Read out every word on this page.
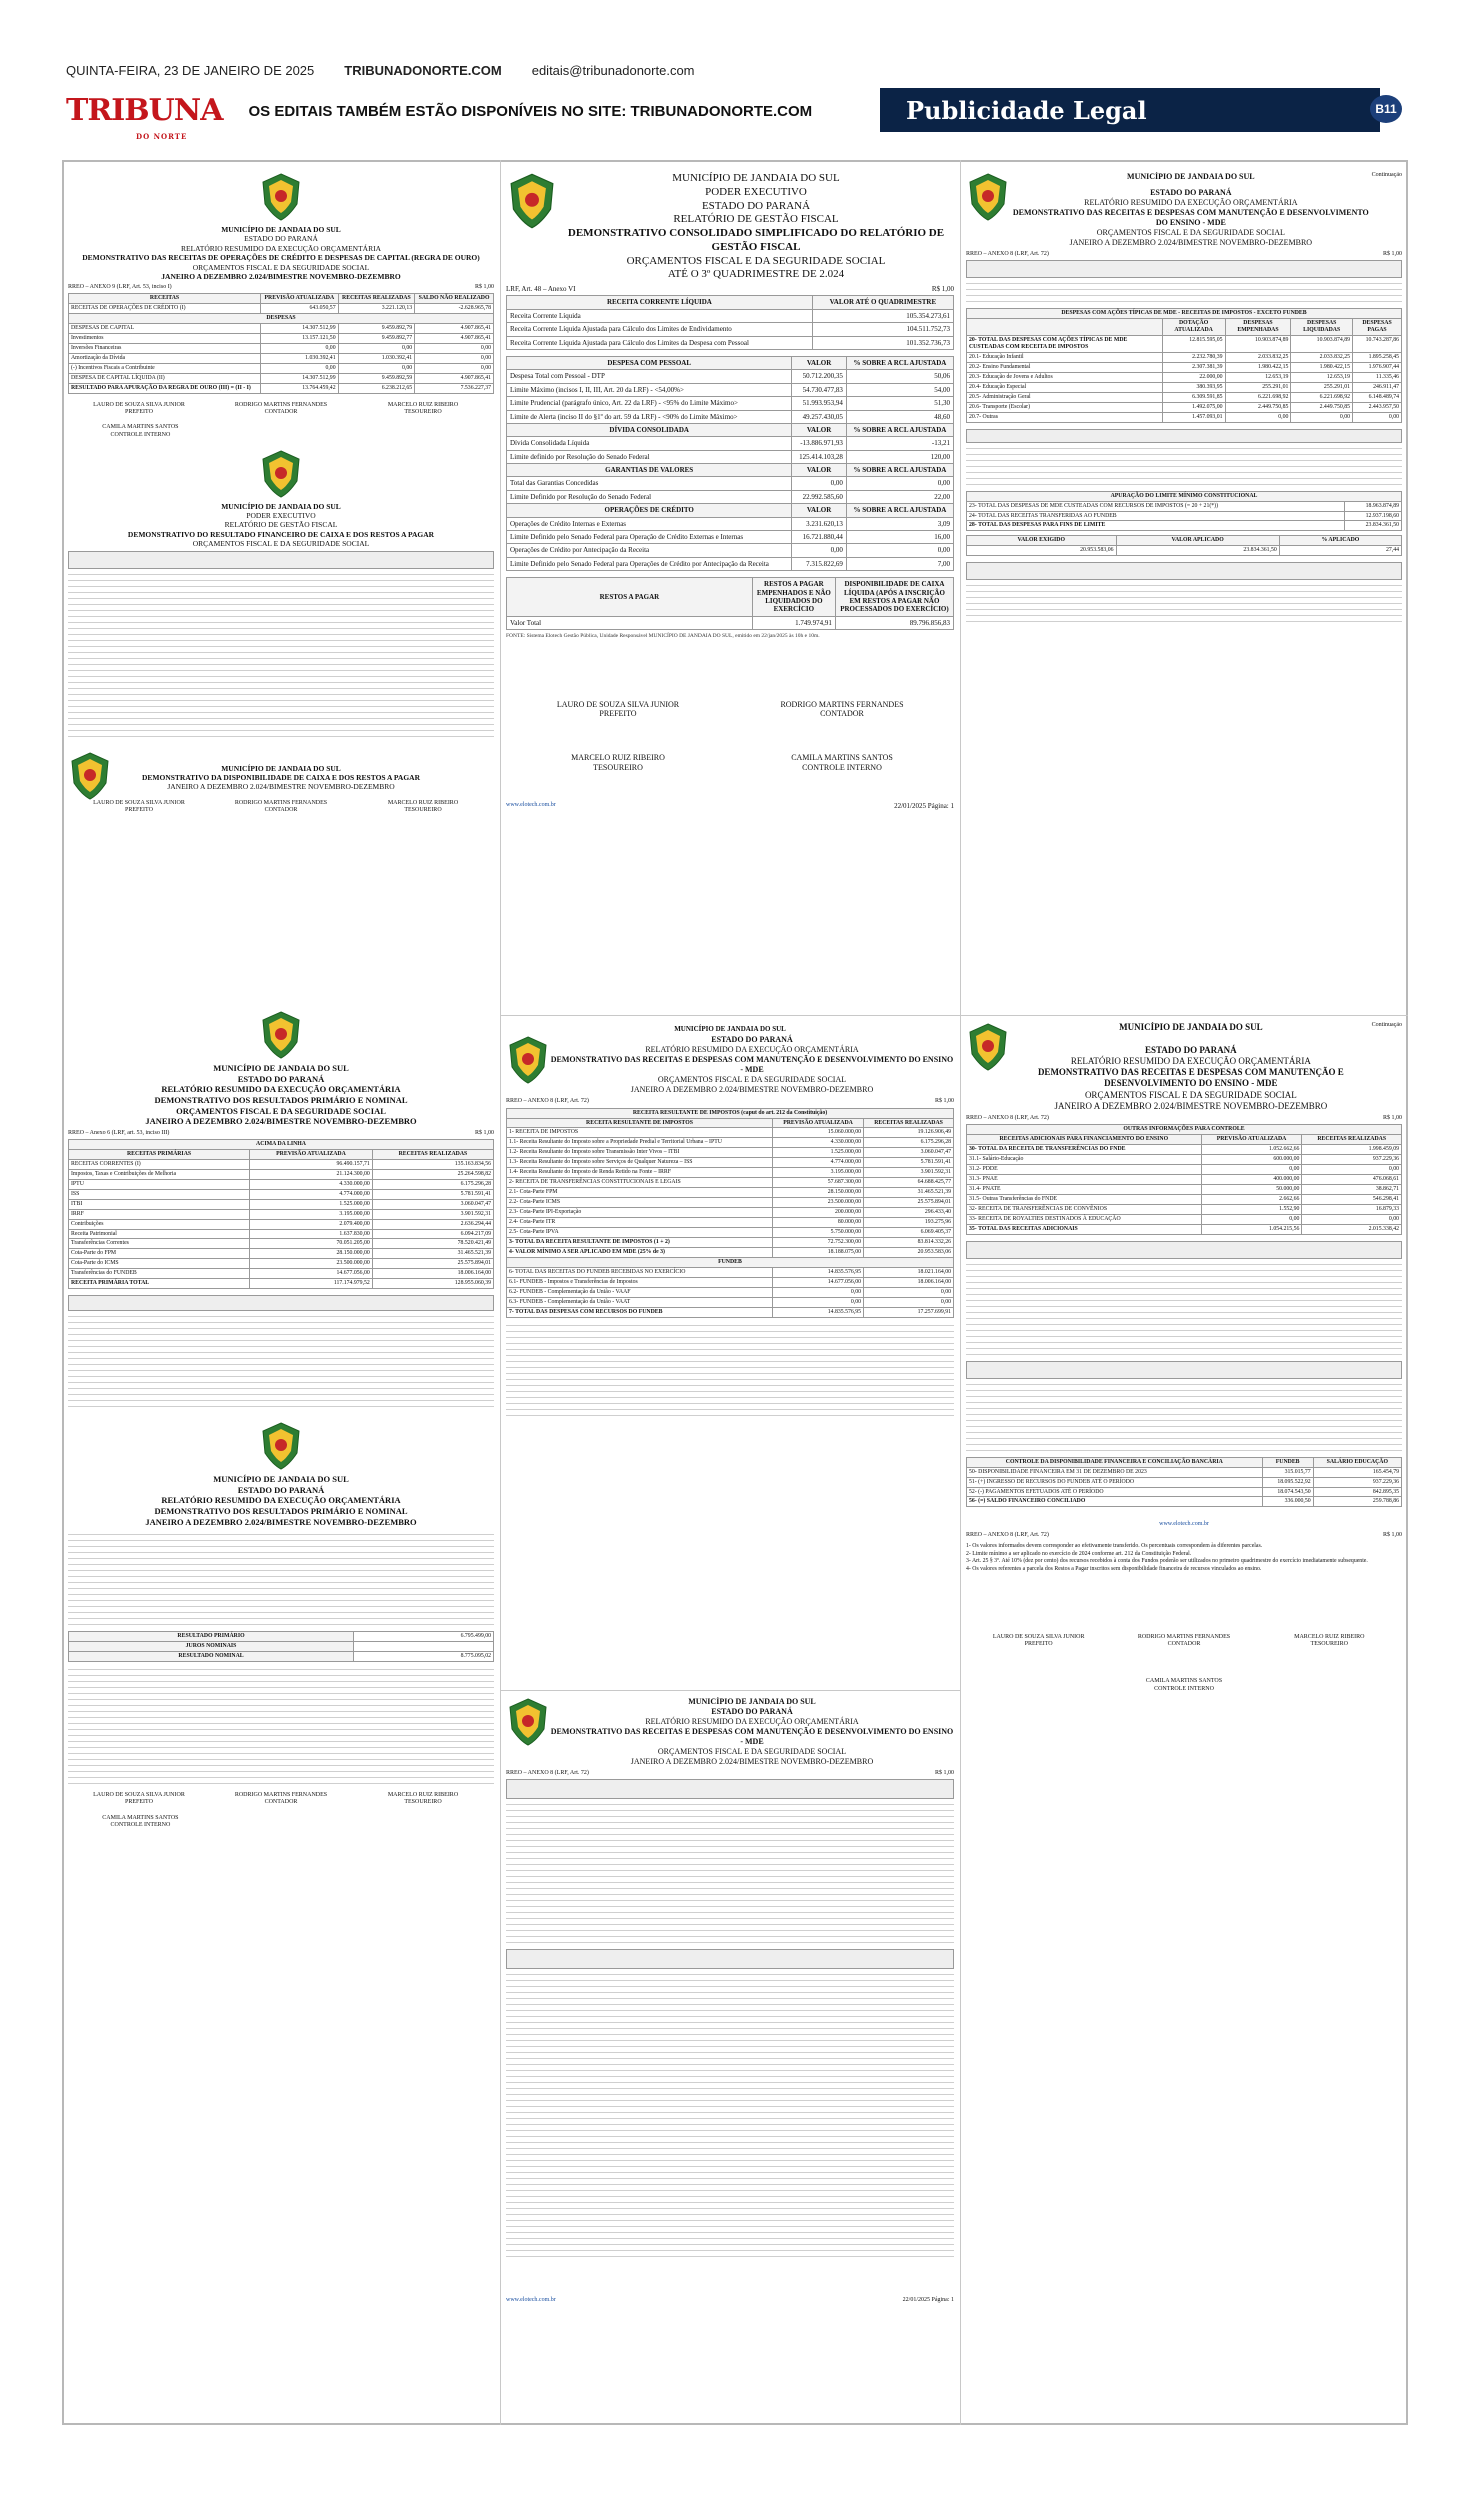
QUINTA-FEIRA, 23 DE JANEIRO DE 2025 TRIBUNADONORTE.COM editais@tribunadonorte.com
TRIBUNA
DO NORTE
OS EDITAIS TAMBÉM ESTÃO DISPONÍVEIS NO SITE: TRIBUNADONORTE.COM	Publicidade Legal	B11
MUNICÍPIO DE JANDAIA DO SUL
ESTADO DO PARANÁ
RELATÓRIO RESUMIDO DA EXECUÇÃO ORÇAMENTÁRIA
DEMONSTRATIVO DAS RECEITAS DE OPERAÇÕES DE CRÉDITO E DESPESAS DE CAPITAL (REGRA DE OURO)
ORÇAMENTOS FISCAL E DA SEGURIDADE SOCIAL

JANEIRO A DEZEMBRO 2.024/BIMESTRE NOVEMBRO-DEZEMBRO
RREO – ANEXO 9 (LRF, Art. 53, inciso I)	R$ 1,00
RECEITAS	PREVISÃO ATUALIZADA	RECEITAS REALIZADAS	SALDO NÃO REALIZADO
RECEITAS DE OPERAÇÕES DE CRÉDITO (I)	643.050,57	3.221.120,13	-2.628.965,78
DESPESAS			
DESPESAS DE CAPITAL	14.307.512,99	9.459.892,79	4.907.865,41
Investimentos	13.157.121,50	9.459.892,77	4.907.865,41
Inversões Financeiras	0,00	0,00	0,00
Amortização da Dívida	1.030.392,41	1.030.392,41	0,00
(-) Incentivos Fiscais a Contribuinte	0,00	0,00	0,00
DESPESA DE CAPITAL LÍQUIDA (II)	14.307.512,99	9.459.892,59	4.907.865,41
RESULTADO PARA APURAÇÃO DA REGRA DE OURO (III) = (II - I)	13.764.459,42	6.238.212,65	7.536.227,37
LAURO DE SOUZA SILVA JUNIOR
PREFEITO
RODRIGO MARTINS FERNANDES
CONTADOR
MARCELO RUIZ RIBEIRO
TESOUREIRO
CAMILA MARTINS SANTOS
CONTROLE INTERNO
MUNICÍPIO DE JANDAIA DO SUL
PODER EXECUTIVO
RELATÓRIO DE GESTÃO FISCAL

DEMONSTRATIVO DO RESULTADO FINANCEIRO DE CAIXA E DOS RESTOS A PAGAR
ORÇAMENTOS FISCAL E DA SEGURIDADE SOCIAL
MUNICÍPIO DE JANDAIA DO SUL
DEMONSTRATIVO DA DISPONIBILIDADE DE CAIXA E DOS RESTOS A PAGAR
JANEIRO A DEZEMBRO 2.024/BIMESTRE NOVEMBRO-DEZEMBRO
LAURO DE SOUZA SILVA JUNIOR
PREFEITO
RODRIGO MARTINS FERNANDES
CONTADOR
MARCELO RUIZ RIBEIRO
TESOUREIRO
MUNICÍPIO DE JANDAIA DO SUL
ESTADO DO PARANÁ
RELATÓRIO RESUMIDO DA EXECUÇÃO ORÇAMENTÁRIA
DEMONSTRATIVO DOS RESULTADOS PRIMÁRIO E NOMINAL
ORÇAMENTOS FISCAL E DA SEGURIDADE SOCIAL
JANEIRO A DEZEMBRO 2.024/BIMESTRE NOVEMBRO-DEZEMBRO
RREO – Anexo 6 (LRF, art. 53, inciso III)	R$ 1,00
ACIMA DA LINHA		
RECEITAS PRIMÁRIAS	PREVISÃO ATUALIZADA	RECEITAS REALIZADAS
RECEITAS CORRENTES (I)	96.490.157,71	135.163.834,56
Impostos, Taxas e Contribuições de Melhoria	21.124.300,00	25.264.598,82
IPTU	4.330.000,00	6.175.296,28
ISS	4.774.000,00	5.781.591,41
ITBI	1.525.000,00	3.060.047,47
IRRF	3.195.000,00	3.901.592,31
Contribuições	2.079.400,00	2.636.294,44
Receita Patrimonial	1.637.830,00	6.094.217,09
Transferências Correntes	70.051.205,00	78.520.421,49
Cota-Parte do FPM	28.150.000,00	31.465.521,39
Cota-Parte do ICMS	23.500.000,00	25.575.894,01
Transferências do FUNDEB	14.677.056,00	18.006.164,00
RECEITA PRIMÁRIA TOTAL	117.174.979,52	128.955.060,39
MUNICÍPIO DE JANDAIA DO SUL
ESTADO DO PARANÁ
RELATÓRIO RESUMIDO DA EXECUÇÃO ORÇAMENTÁRIA
DEMONSTRATIVO DOS RESULTADOS PRIMÁRIO E NOMINAL
JANEIRO A DEZEMBRO 2.024/BIMESTRE NOVEMBRO-DEZEMBRO
RESULTADO PRIMÁRIO	6.795.499,00
JUROS NOMINAIS	
RESULTADO NOMINAL	8.775.095,02
LAURO DE SOUZA SILVA JUNIOR
PREFEITO
RODRIGO MARTINS FERNANDES
CONTADOR
MARCELO RUIZ RIBEIRO
TESOUREIRO
CAMILA MARTINS SANTOS
CONTROLE INTERNO
MUNICÍPIO DE JANDAIA DO SUL
PODER EXECUTIVO
ESTADO DO PARANÁ
RELATÓRIO DE GESTÃO FISCAL
DEMONSTRATIVO CONSOLIDADO SIMPLIFICADO DO RELATÓRIO DE GESTÃO FISCAL
ORÇAMENTOS FISCAL E DA SEGURIDADE SOCIAL
ATÉ O 3º QUADRIMESTRE DE 2.024
LRF, Art. 48 – Anexo VI	R$ 1,00
RECEITA CORRENTE LÍQUIDA	VALOR ATÉ O QUADRIMESTRE
Receita Corrente Líquida	105.354.273,61
Receita Corrente Líquida Ajustada para Cálculo dos Limites de Endividamento	104.511.752,73
Receita Corrente Líquida Ajustada para Cálculo dos Limites da Despesa com Pessoal	101.352.736,73
DESPESA COM PESSOAL	VALOR	% SOBRE A RCL AJUSTADA
Despesa Total com Pessoal - DTP	50.712.200,35	50,06
Limite Máximo (incisos I, II, III, Art. 20 da LRF) - <54,00%>	54.730.477,83	54,00
Limite Prudencial (parágrafo único, Art. 22 da LRF) - <95% do Limite Máximo>	51.993.953,94	51,30
Limite de Alerta (inciso II do §1º do art. 59 da LRF) - <90% do Limite Máximo>	49.257.430,05	48,60
DÍVIDA CONSOLIDADA	VALOR	% SOBRE A RCL AJUSTADA
Dívida Consolidada Líquida	-13.886.971,93	-13,21
Limite definido por Resolução do Senado Federal	125.414.103,28	120,00
GARANTIAS DE VALORES	VALOR	% SOBRE A RCL AJUSTADA
Total das Garantias Concedidas	0,00	0,00
Limite Definido por Resolução do Senado Federal	22.992.585,60	22,00
OPERAÇÕES DE CRÉDITO	VALOR	% SOBRE A RCL AJUSTADA
Operações de Crédito Internas e Externas	3.231.620,13	3,09
Limite Definido pelo Senado Federal para Operação de Crédito Externas e Internas	16.721.880,44	16,00
Operações de Crédito por Antecipação da Receita	0,00	0,00
Limite Definido pelo Senado Federal para Operações de Crédito por Antecipação da Receita	7.315.822,69	7,00
RESTOS A PAGAR	RESTOS A PAGAR EMPENHADOS E NÃO LIQUIDADOS DO EXERCÍCIO	DISPONIBILIDADE DE CAIXA LÍQUIDA (APÓS A INSCRIÇÃO EM RESTOS A PAGAR NÃO PROCESSADOS DO EXERCÍCIO)
Valor Total	1.749.974,91	89.796.856,83
FONTE: Sistema Elotech Gestão Pública, Unidade Responsável MUNICÍPIO DE JANDAIA DO SUL, emitido em 22/jan/2025 às 10h e 10m.
LAURO DE SOUZA SILVA JUNIOR
PREFEITO
RODRIGO MARTINS FERNANDES
CONTADOR
MARCELO RUIZ RIBEIRO
TESOUREIRO
CAMILA MARTINS SANTOS
CONTROLE INTERNO
www.elotech.com.br	22/01/2025 Página: 1
MUNICÍPIO DE JANDAIA DO SUL
ESTADO DO PARANÁ
RELATÓRIO RESUMIDO DA EXECUÇÃO ORÇAMENTÁRIA
DEMONSTRATIVO DAS RECEITAS E DESPESAS COM MANUTENÇÃO E DESENVOLVIMENTO DO ENSINO - MDE
ORÇAMENTOS FISCAL E DA SEGURIDADE SOCIAL
JANEIRO A DEZEMBRO 2.024/BIMESTRE NOVEMBRO-DEZEMBRO
RREO – ANEXO 8 (LRF, Art. 72)	R$ 1,00
RECEITA RESULTANTE DE IMPOSTOS (caput do art. 212 da Constituição)		
RECEITA RESULTANTE DE IMPOSTOS	PREVISÃO ATUALIZADA	RECEITAS REALIZADAS
1- RECEITA DE IMPOSTOS	15.060.000,00	19.126.906,49
1.1- Receita Resultante do Imposto sobre a Propriedade Predial e Territorial Urbana – IPTU	4.330.000,00	6.175.296,28
1.2- Receita Resultante do Imposto sobre Transmissão Inter Vivos – ITBI	1.525.000,00	3.060.047,47
1.3- Receita Resultante do Imposto sobre Serviços de Qualquer Natureza – ISS	4.774.000,00	5.781.591,41
1.4- Receita Resultante do Imposto de Renda Retido na Fonte – IRRF	3.195.000,00	3.901.592,31
2- RECEITA DE TRANSFERÊNCIAS CONSTITUCIONAIS E LEGAIS	57.687.300,00	64.688.425,77
2.1- Cota-Parte FPM	28.150.000,00	31.465.521,39
2.2- Cota-Parte ICMS	23.500.000,00	25.575.894,01
2.3- Cota-Parte IPI-Exportação	200.000,00	296.433,40
2.4- Cota-Parte ITR	80.000,00	193.275,96
2.5- Cota-Parte IPVA	5.750.000,00	6.069.405,37
3- TOTAL DA RECEITA RESULTANTE DE IMPOSTOS (1 + 2)	72.752.300,00	83.814.332,26
4- VALOR MÍNIMO A SER APLICADO EM MDE (25% de 3)	18.188.075,00	20.953.583,06
FUNDEB		
6- TOTAL DAS RECEITAS DO FUNDEB RECEBIDAS NO EXERCÍCIO	14.835.576,95	18.021.164,00
6.1- FUNDEB - Impostos e Transferências de Impostos	14.677.056,00	18.006.164,00
6.2- FUNDEB - Complementação da União - VAAF	0,00	0,00
6.3- FUNDEB - Complementação da União - VAAT	0,00	0,00
7- TOTAL DAS DESPESAS COM RECURSOS DO FUNDEB	14.835.576,95	17.257.699,91
MUNICÍPIO DE JANDAIA DO SUL
ESTADO DO PARANÁ
RELATÓRIO RESUMIDO DA EXECUÇÃO ORÇAMENTÁRIA
DEMONSTRATIVO DAS RECEITAS E DESPESAS COM MANUTENÇÃO E DESENVOLVIMENTO DO ENSINO - MDE
ORÇAMENTOS FISCAL E DA SEGURIDADE SOCIAL
JANEIRO A DEZEMBRO 2.024/BIMESTRE NOVEMBRO-DEZEMBRO
RREO – ANEXO 8 (LRF, Art. 72)	R$ 1,00
www.elotech.com.br	22/01/2025 Página: 1
MUNICÍPIO DE JANDAIA DO SUL
ESTADO DO PARANÁ
RELATÓRIO RESUMIDO DA EXECUÇÃO ORÇAMENTÁRIA
DEMONSTRATIVO DAS RECEITAS E DESPESAS COM MANUTENÇÃO E DESENVOLVIMENTO DO ENSINO - MDE
ORÇAMENTOS FISCAL E DA SEGURIDADE SOCIAL
JANEIRO A DEZEMBRO 2.024/BIMESTRE NOVEMBRO-DEZEMBRO
Continuação
RREO – ANEXO 8 (LRF, Art. 72)	R$ 1,00
DESPESAS COM AÇÕES TÍPICAS DE MDE - RECEITAS DE IMPOSTOS - EXCETO FUNDEB				
	DOTAÇÃO ATUALIZADA	DESPESAS EMPENHADAS	DESPESAS LIQUIDADAS	DESPESAS PAGAS
20- TOTAL DAS DESPESAS COM AÇÕES TÍPICAS DE MDE CUSTEADAS COM RECEITA DE IMPOSTOS	12.815.595,05	10.903.874,89	10.903.874,89	10.743.287,86
20.1- Educação Infantil	2.232.780,39	2.033.832,25	2.033.832,25	1.895.258,45
20.2- Ensino Fundamental	2.307.381,39	1.980.422,15	1.980.422,15	1.976.907,44
20.3- Educação de Jovens e Adultos	22.000,00	12.653,19	12.653,19	11.335,46
20.4- Educação Especial	380.393,95	255.291,01	255.291,01	246.911,47
20.5- Administração Geral	6.309.591,85	6.221.698,92	6.221.698,92	6.148.489,74
20.6- Transporte (Escolar)	1.492.075,00	2.449.750,85	2.449.750,85	2.443.957,50
20.7- Outras	1.457.093,01	0,00	0,00	0,00
APURAÇÃO DO LIMITE MÍNIMO CONSTITUCIONAL	
23- TOTAL DAS DESPESAS DE MDE CUSTEADAS COM RECURSOS DE IMPOSTOS (= 20 + 21(*))	18.963.874,89
24- TOTAL DAS RECEITAS TRANSFERIDAS AO FUNDEB	12.937.198,60
28- TOTAL DAS DESPESAS PARA FINS DE LIMITE	23.834.361,50
VALOR EXIGIDO	VALOR APLICADO	% APLICADO
20.953.583,06	23.834.361,50	27,44
MUNICÍPIO DE JANDAIA DO SUL

ESTADO DO PARANÁ
RELATÓRIO RESUMIDO DA EXECUÇÃO ORÇAMENTÁRIA
DEMONSTRATIVO DAS RECEITAS E DESPESAS COM MANUTENÇÃO E DESENVOLVIMENTO DO ENSINO - MDE
ORÇAMENTOS FISCAL E DA SEGURIDADE SOCIAL
JANEIRO A DEZEMBRO 2.024/BIMESTRE NOVEMBRO-DEZEMBRO
Continuação
RREO – ANEXO 8 (LRF, Art. 72)	R$ 1,00
OUTRAS INFORMAÇÕES PARA CONTROLE		
RECEITAS ADICIONAIS PARA FINANCIAMENTO DO ENSINO	PREVISÃO ATUALIZADA	RECEITAS REALIZADAS
30- TOTAL DA RECEITA DE TRANSFERÊNCIAS DO FNDE	1.052.662,66	1.998.459,09
31.1- Salário-Educação	600.000,00	937.229,36
31.2- PDDE	0,00	0,00
31.3- PNAE	400.000,00	476.068,61
31.4- PNATE	50.000,00	38.862,71
31.5- Outras Transferências do FNDE	2.662,66	546.298,41
32- RECEITA DE TRANSFERÊNCIAS DE CONVÊNIOS	1.552,90	16.879,33
33- RECEITA DE ROYALTIES DESTINADOS À EDUCAÇÃO	0,00	0,00
35- TOTAL DAS RECEITAS ADICIONAIS	1.054.215,56	2.015.338,42
CONTROLE DA DISPONIBILIDADE FINANCEIRA E CONCILIAÇÃO BANCÁRIA	FUNDEB	SALÁRIO EDUCAÇÃO
50- DISPONIBILIDADE FINANCEIRA EM 31 DE DEZEMBRO DE 2023	315.015,77	165.454,79
51- (+) INGRESSO DE RECURSOS DO FUNDEB ATÉ O PERÍODO	18.095.522,92	937.229,36
52- (-) PAGAMENTOS EFETUADOS ATÉ O PERÍODO	18.074.543,50	842.895,35
56- (=) SALDO FINANCEIRO CONCILIADO	336.000,50	259.788,86
www.elotech.com.br
RREO – ANEXO 8 (LRF, Art. 72)	R$ 1,00
1- Os valores informados devem corresponder ao efetivamente transferido. Os percentuais correspondem às diferentes parcelas.
2- Limite mínimo a ser aplicado no exercício de 2024 conforme art. 212 da Constituição Federal.
3- Art. 25 § 3º. Até 10% (dez por cento) dos recursos recebidos à conta dos Fundos poderão ser utilizados no primeiro quadrimestre do exercício imediatamente subsequente.
4- Os valores referentes a parcela dos Restos a Pagar inscritos sem disponibilidade financeira de recursos vinculados ao ensino.
LAURO DE SOUZA SILVA JUNIOR
PREFEITO
RODRIGO MARTINS FERNANDES
CONTADOR
MARCELO RUIZ RIBEIRO
TESOUREIRO
CAMILA MARTINS SANTOS
CONTROLE INTERNO
